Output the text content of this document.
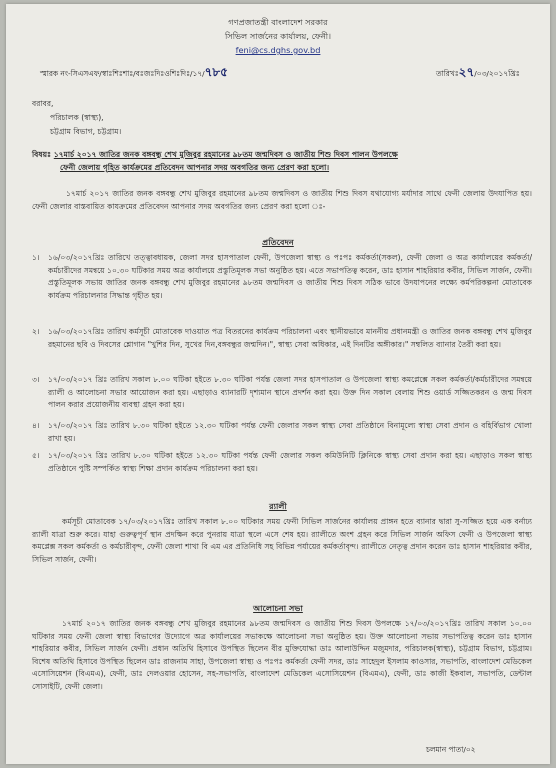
গণপ্রজাতন্ত্রী বাংলাদেশ সরকার
সিভিল সার্জনের কার্যালয়, ফেনী।
feni@cs.dghs.gov.bd
স্মারক নং-সিএসএফ/স্বাঃশিঃশাঃ/বঃজঃদিঃওশিঃদিঃ/১৭/৭৮৫	তারিখঃ২৭/০৩/২০১৭খ্রিঃ
বরাবর,
পরিচালক (স্বাস্থ্য),
চট্টগ্রাম বিভাগ, চট্টগ্রাম।
বিষয়ঃ ১৭মার্চ ২০১৭ জাতির জনক বঙ্গবন্ধু শেখ মুজিবুর রহমানের ৯৮তম জন্মদিবস ও জাতীয় শিশু দিবস পালন উপলক্ষে
ফেনী জেলায় গৃহিত কার্যক্রমের প্রতিবেদন আপনার সদয় অবগতির জন্য প্রেরণ করা হলো।
১৭মার্চ ২০১৭ জাতির জনক বঙ্গবন্ধু শেখ মুজিবুর রহমানের ৯৮তম জন্মদিবস ও জাতীয় শিশু দিবস যথাযোগ্য মর্যাদার সাথে ফেনী জেলায় উদযাপিত হয়। ফেনী জেলার বাস্তবায়িত কাযক্রমের প্রতিবেদন আপনার সদয় অবগতির জন্য প্রেরণ করা হলো ঃ-
প্রতিবেদন
১।	১৬/০৩/২০১৭খ্রিঃ তারিখে তত্ত্বাবধায়ক, জেলা সদর হাসপাতাল ফেনী, উপজেলা স্বাস্থ্য ও পঃপঃ কর্মকর্তা(সকল), ফেনী জেলা ও অত্র কার্যালয়ের কর্মকর্তা/কর্মচারীদের সমন্বয়ে ১০.৩০ ঘটিকার সময় অত্র কার্যালয়ে প্রস্তুতিমূলক সভা অনুষ্ঠিত হয়। এতে সভাপতিত্ব করেন, ডাঃ হাসান শাহরিয়ার কবীর, সিভিল সার্জন, ফেনী। প্রস্তুতিমূলক সভায় জাতির জনক বঙ্গবন্ধু শেখ মুজিবুর রহমানের ৯৮তম জন্মদিবস ও জাতীয় শিশু দিবস সঠিক ভাবে উদযাপনের লক্ষ্যে কর্মপরিকল্পনা মোতাবেক কার্যক্রম পরিচালনার সিদ্ধান্ত গৃহীত হয়।
২।	১৬/০৩/২০১৭খ্রিঃ তারিখ কর্মসূচী মোতাবেক দাওয়াত পত্র বিতরনের কার্যক্রম পরিচালনা এবং স্থানীয়ভাবে মাননীয় প্রধানমন্ত্রী ও জাতির জনক বঙ্গবন্ধু শেখ মুজিবুর রহমানের ছবি ও দিবসের শ্লোগান "খুশির দিন, সুখের দিন,বঙ্গবন্ধুর জন্মদিন।", স্বাস্থ্য সেবা অধিকার, এই দিনটির অঙ্গীকার।" সম্বলিত ব্যানার তৈরী করা হয়।
৩।	১৭/০৩/২০১৭ খ্রিঃ তারিখ সকাল ৮.০০ ঘটিকা হইতে ৮.৩০ ঘটিকা পর্যন্ত জেলা সদর হাসপাতাল ও উপজেলা স্বাস্থ্য কমপ্লেক্সে সকল কর্মকর্তা/কর্মচারীদের সমন্বয়ে র‍্যালী ও আলোচনা সভার আয়োজন করা হয়। এছাড়াও ব্যানারটি দৃশ্যমান স্থানে প্রদর্শন করা হয়। উক্ত দিন সকাল বেলায় শিশু ওয়ার্ড সজ্জিতকরন ও জন্ম দিবস পালন করার প্রয়োজনীয় ব্যবস্থা গ্রহন করা হয়।
৪।	১৭/০৩/২০১৭ খ্রিঃ তারিখ ৮.৩০ ঘটিকা হইতে ১২.৩০ ঘটিকা পর্যন্ত ফেনী জেলার সকল স্বাস্থ্য সেবা প্রতিষ্ঠানে বিনামূল্যে স্বাস্থ্য সেবা প্রদান ও বহির্বিভাগ খোলা রাখা হয়।
৫।	১৭/০৩/২০১৭ খ্রিঃ তারিখ ৮.৩০ ঘটিকা হইতে ১২.৩০ ঘটিকা পর্যন্ত ফেনী জেলার সকল কমিউনিটি ক্লিনিকে স্বাস্থ্য সেবা প্রদান করা হয়। এছাড়াও সকল স্বাস্থ্য প্রতিষ্ঠানে পুষ্টি সম্পর্কিত স্বাস্থ্য শিক্ষা প্রদান কার্যক্রম পরিচালনা করা হয়।
র‍্যালী
কর্মসূচী মোতাবেক ১৭/০৩/২০১৭খ্রিঃ তারিখ সকাল ৮.০০ ঘটিকার সময় ফেনী সিভিল সার্জনের কার্যালয় প্রাঙ্গন হতে ব্যানার দ্বারা সু-সজ্জিত হয়ে এক বর্নাঢ্য র‍্যালী যাত্রা শুরু করে। যাহা গুরুত্বপূর্ণ স্থান প্রদক্ষিন করে পুনরায় যাত্রা স্থলে এসে শেষ হয়। র‍্যালীতে অংশ গ্রহন করে সিভিল সার্জন অফিস ফেনী ও উপজেলা স্বাস্থ্য কমপ্লেক্স সকল কর্মকর্তা ও কর্মচারীবৃন্দ, ফেনী জেলা শাখা বি এম এর প্রতিনিধি সহ বিভিন্ন পর্যায়ের কর্মকর্তাবৃন্দ। র‍্যালীতে নেতৃত্ব প্রদান করেন ডাঃ হাসান শাহরিয়ার কবীর, সিভিল সার্জন, ফেনী।
আলোচনা সভা
১৭মার্চ ২০১৭ জাতির জনক বঙ্গবন্ধু শেখ মুজিবুর রহমানের ৯৮তম জন্মদিবস ও জাতীয় শিশু দিবস উপলক্ষে ১৭/০৩/২০১৭খ্রিঃ তারিখ সকাল ১০.০০ ঘটিকার সময় ফেনী জেলা স্বাস্থ্য বিভাগের উদ্যোগে অত্র কার্যালয়ের সভাকক্ষে আলোচনা সভা অনুষ্ঠিত হয়। উক্ত আলোচনা সভায় সভাপতিত্ব করেন ডাঃ হাসান শাহরিয়ার কবীর, সিভিল সার্জন ফেনী। প্রধান অতিথি হিসাবে উপস্থিত ছিলেন বীর মুক্তিযোদ্ধা ডাঃ আলাউদ্দিন মজুমদার, পরিচালক(স্বাস্থ্য), চট্টগ্রাম বিভাগ, চট্টগ্রাম। বিশেষ অতিথি হিসাবে উপস্থিত ছিলেন ডাঃ রাজনাম সাহা, উপজেলা স্বাস্থ্য ও পঃপঃ কর্মকর্তা ফেনী সদর, ডাঃ সাহেদুল ইসলাম কাওসার, সভাপতি, বাংলাদেশ মেডিকেল এসোসিয়েশন (বিএমএ), ফেনী, ডাঃ দেলওয়ার হোসেন, সহ-সভাপতি, বাংলাদেশ মেডিকেল এসোসিয়েশন (বিএমএ), ফেনী, ডাঃ কাজী ইকবাল, সভাপতি, ডেন্টাল সোসাইটি, ফেনী জেলা।
চলমান পাতা/০২
